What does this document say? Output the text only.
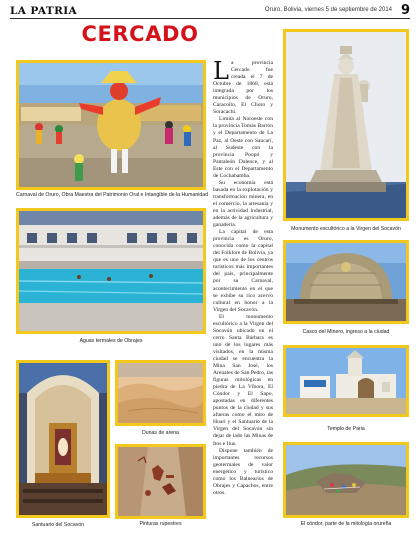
LA PATRIA	Oruro, Bolivia, viernes 5 de septiembre de 2014 9
CERCADO
Carnaval de Oruro, Obra Maestra del Patrimonio Oral e Intangible de la Humanidad
Aguas termales de Obrajes
Santuario del Socavón
Dunas de arena
Pinturas rupestres

La provincia Cercado fue creada el 7 de Octubre de 1868, está integrada por los municipios de Oruro, Caracollo, El Choro y Soracachi.

Limita al Noroeste con la provincia Tomás Barrón y el Departamento de La Paz, al Oeste con Saucarí, al Sudeste con la provincia Poopó y Pantaleón Dalence, y al Este con el Departamento de Cochabamba.

Su economía está basada en la explotación y transformación minera, en el comercio, la artesanía y en la actividad industrial, además de la agricultura y ganadería.

La capital de esta provincia es Oruro, conocida como la capital del Folklore de Bolivia, ya que es uno de los centros turísticos más importantes del país, principalmente por su Carnaval, acontecimiento en el que se exhibe su rico acervo cultural en honor a la Virgen del Socavón.

El monumento escultórico a la Virgen del Socavón ubicado en el cerro Santa Bárbara es uno de los lugares más visitados, en la misma ciudad se encuentra la Mina San José, los Arenales de San Pedro, las figuras mitológicas en piedra de La Víbora, El Cóndor y El Sapo, apostadas en diferentes puntos de la ciudad y sus afueras como el mito de Huari y el Santuario de la Virgen del Socavón sin dejar de lado las Minas de Itos e Ilus.

Dispone también de importantes recursos geotermales de valor energético y turístico como los Balnearios de Obrajes y Capachos, entre otros.

Monumento escultórico a la Virgen del Socavón
Casco del Minero, ingreso a la ciudad
Templo de Paria
El cóndor, parte de la mitología orureña
